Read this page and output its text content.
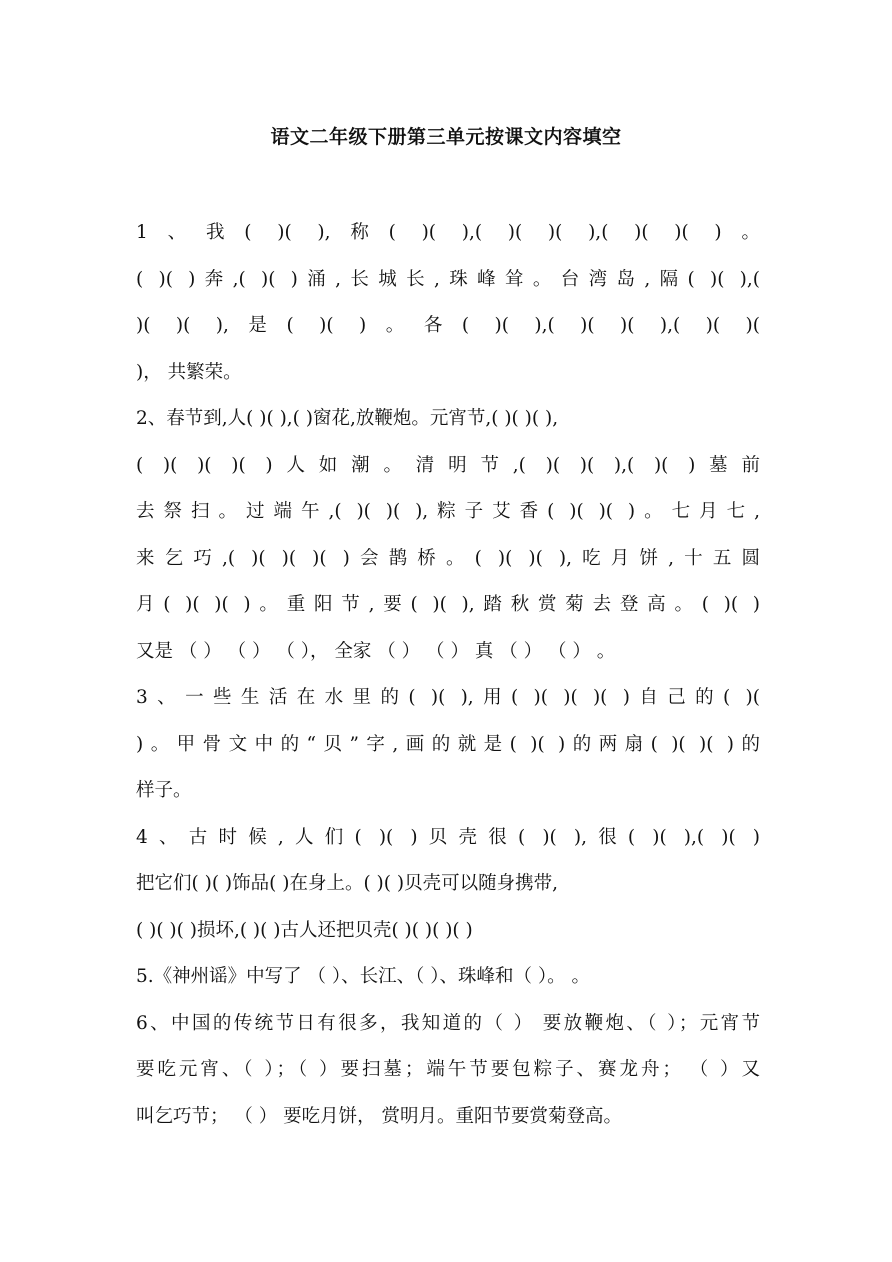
语文二年级下册第三单元按课文内容填空
1、我( )( ),称( )( ),( )( )( ),( )( )( )。
( )( )奔,( )( )涌,长城长,珠峰耸。台湾岛,隔( )( ),(
)( )( ),是( )( )。各( )( ),( )( )( ),( )( )(
)， 共繁荣。
2、春节到,人( )( ),( )窗花,放鞭炮。元宵节,( )( )( ),
( )( )( )( )人如潮。清明节,( )( )( ),( )( )墓前
去祭扫。过端午,( )( )( ),粽子艾香( )( )( )。七月七,
来乞巧,( )( )( )( )会鹊桥。( )( )( ),吃月饼,十五圆
月( )( )( )。重阳节,要( )( ),踏秋赏菊去登高。( )( )
又是 （ ） （ ） （ ）， 全家 （ ） （ ） 真 （ ） （ ） 。
3、一些生活在水里的( )( ),用( )( )( )( )自己的( )(
)。甲骨文中的“贝”字,画的就是( )( )的两扇( )( )( )的
样子。
4、古时候,人们( )( )贝壳很( )( ),很( )( ),( )( )
把它们( )( )饰品( )在身上。( )( )贝壳可以随身携带,
( )( )( )损坏,( )( )古人还把贝壳( )( )( )( )
5.《神州谣》中写了 （ ）、长江、（ ）、珠峰和（ ）。 。
6、中国的传统节日有很多，我知道的（ ） 要放鞭炮、（ ）；元宵节
要吃元宵、（ ）；（ ）要扫墓；端午节要包粽子、赛龙舟； （ ）又
叫乞巧节； （ ） 要吃月饼， 赏明月。重阳节要赏菊登高。
